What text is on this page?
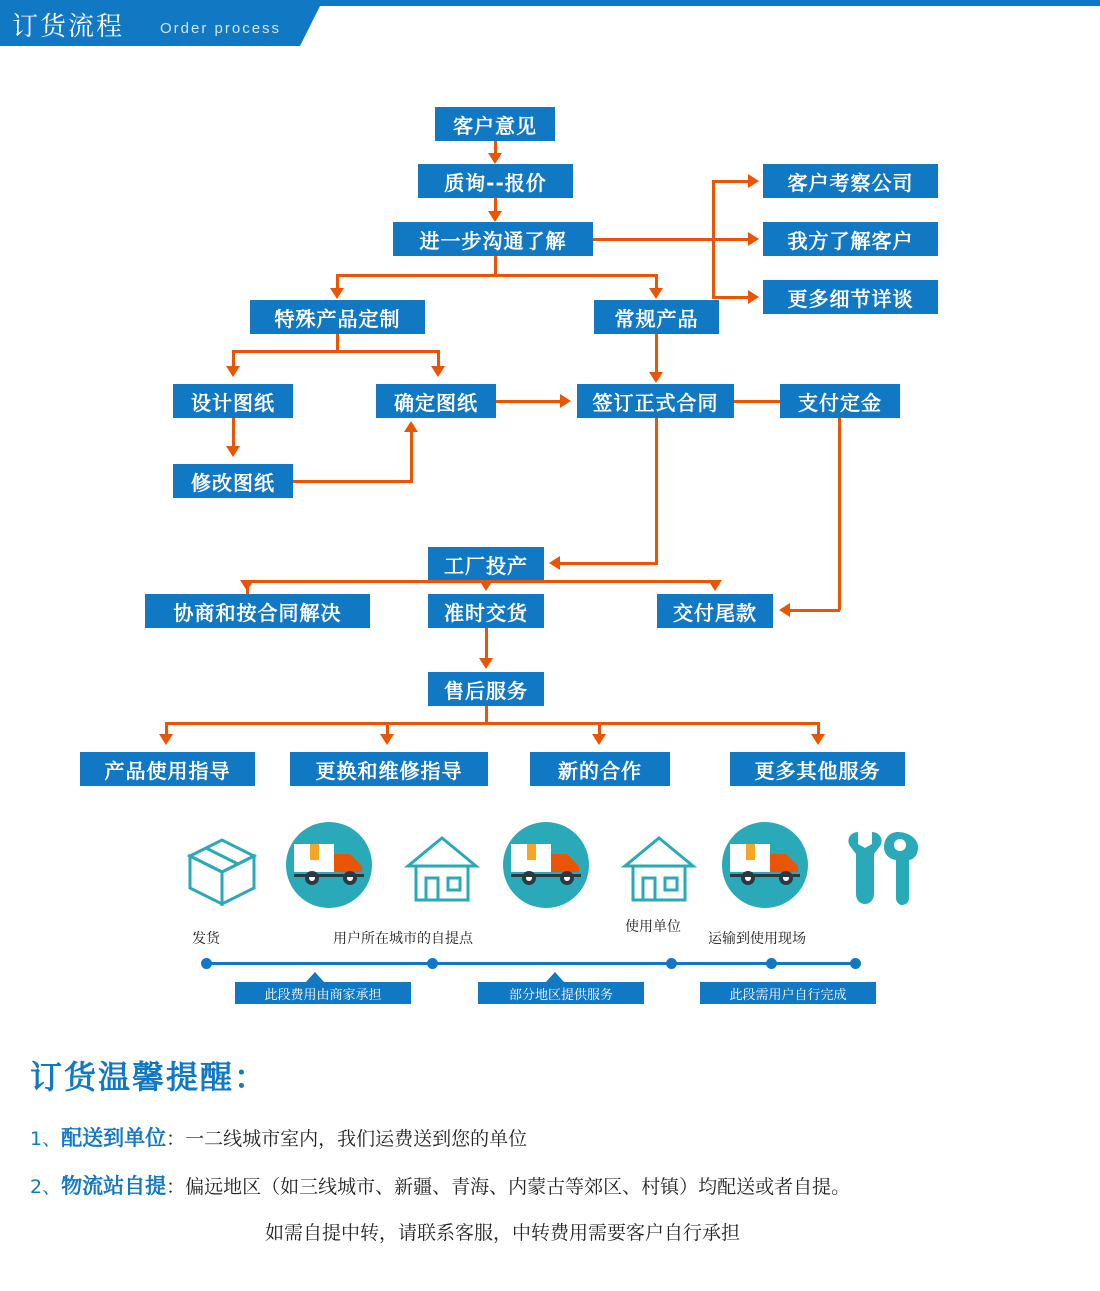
订货流程 Order process
客户意见
质询--报价
进一步沟通了解
客户考察公司
我方了解客户
更多细节详谈
特殊产品定制	常规产品
设计图纸	确定图纸	签订正式合同	支付定金
修改图纸
工厂投产
协商和按合同解决	准时交货	交付尾款
售后服务
产品使用指导	更换和维修指导	新的合作	更多其他服务
发货	用户所在城市的自提点
使用单位
运输到使用现场
此段费用由商家承担	部分地区提供服务	此段需用户自行完成
订货温馨提醒：
1、配送到单位：一二线城市室内，我们运费送到您的单位
2、物流站自提：偏远地区（如三线城市、新疆、青海、内蒙古等郊区、村镇）均配送或者自提。
如需自提中转，请联系客服，中转费用需要客户自行承担
